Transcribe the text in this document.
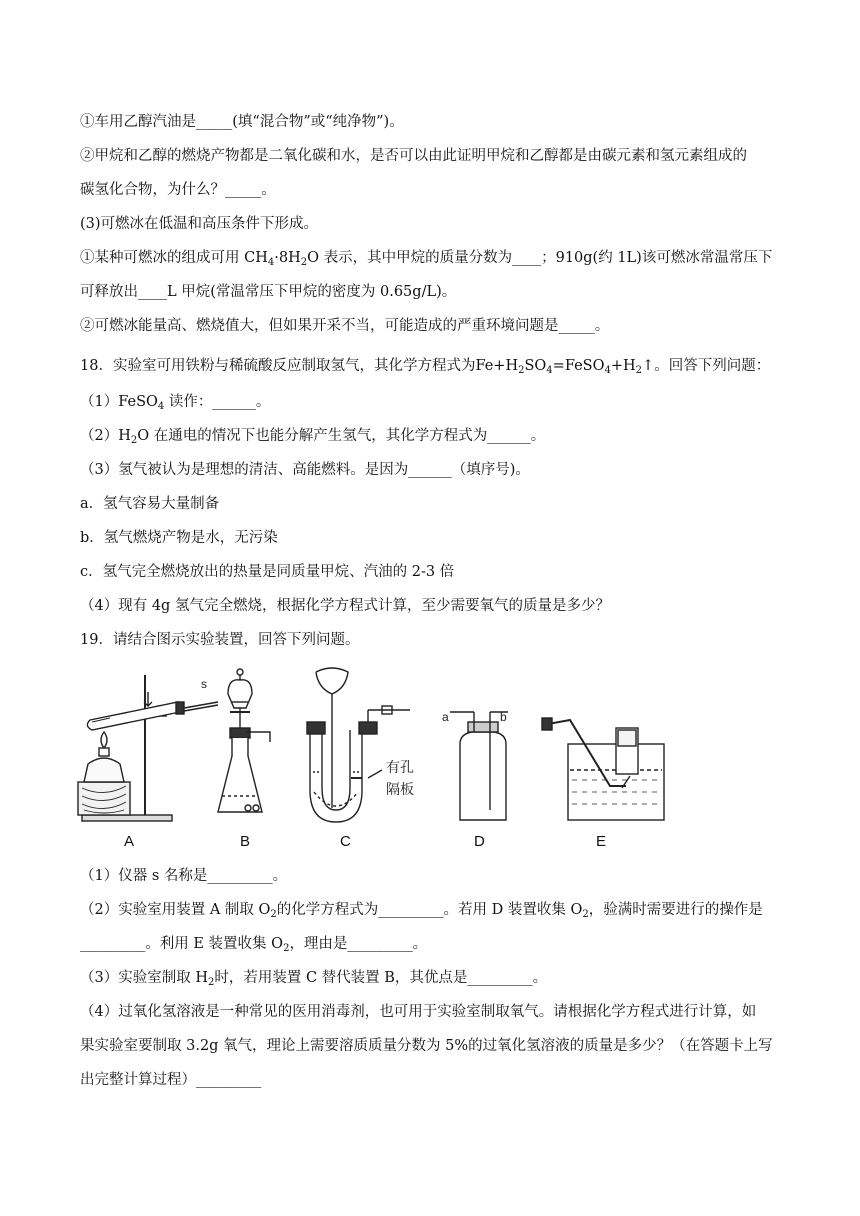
①车用乙醇汽油是_____(填“混合物”或“纯净物”)。
②甲烷和乙醇的燃烧产物都是二氧化碳和水，是否可以由此证明甲烷和乙醇都是由碳元素和氢元素组成的
碳氢化合物，为什么？_____。
(3)可燃冰在低温和高压条件下形成。
①某种可燃冰的组成可用 $CH_4\cdot 8H_2O$ 表示，其中甲烷的质量分数为____；910g(约 1L)该可燃冰常温常压下
可释放出____L 甲烷(常温常压下甲烷的密度为 0.65g/L)。
②可燃冰能量高、燃烧值大，但如果开采不当，可能造成的严重环境问题是_____。
18．实验室可用铁粉与稀硫酸反应制取氢气，其化学方程式为$Fe+H_2SO_4=FeSO_4+H_2↑$。回答下列问题：
（1）FeSO$_4$ 读作：______。
$(2)H_2O$ 在通电的情况下也能分解产生氢气，其化学方程式为______。
（3）氢气被认为是理想的清洁、高能燃料。是因为______（填序号)。
a．氢气容易大量制备
b．氢气燃烧产物是水，无污染
c．氢气完全燃烧放出的热量是同质量甲烷、汽油的 2-3 倍
（4）现有 4g 氢气完全燃烧，根据化学方程式计算，至少需要氧气的质量是多少？
19．请结合图示实验装置，回答下列问题。
s
a	b
有孔
隔板
A	B	C	D	E
（1）仪器 s 名称是_________。
（2）实验室用装置 A 制取 $O_2$的化学方程式为_________。若用 D 装置收集 $O_2$，验满时需要进行的操作是
_________。利用 E 装置收集 $O_2$，理由是_________。
（3）实验室制取 $H_2$时，若用装置 C 替代装置 B，其优点是_________。
（4）过氧化氢溶液是一种常见的医用消毒剂，也可用于实验室制取氧气。请根据化学方程式进行计算，如
果实验室要制取 3.2g 氧气，理论上需要溶质质量分数为 5%的过氧化氢溶液的质量是多少？（在答题卡上写
出完整计算过程）_________
